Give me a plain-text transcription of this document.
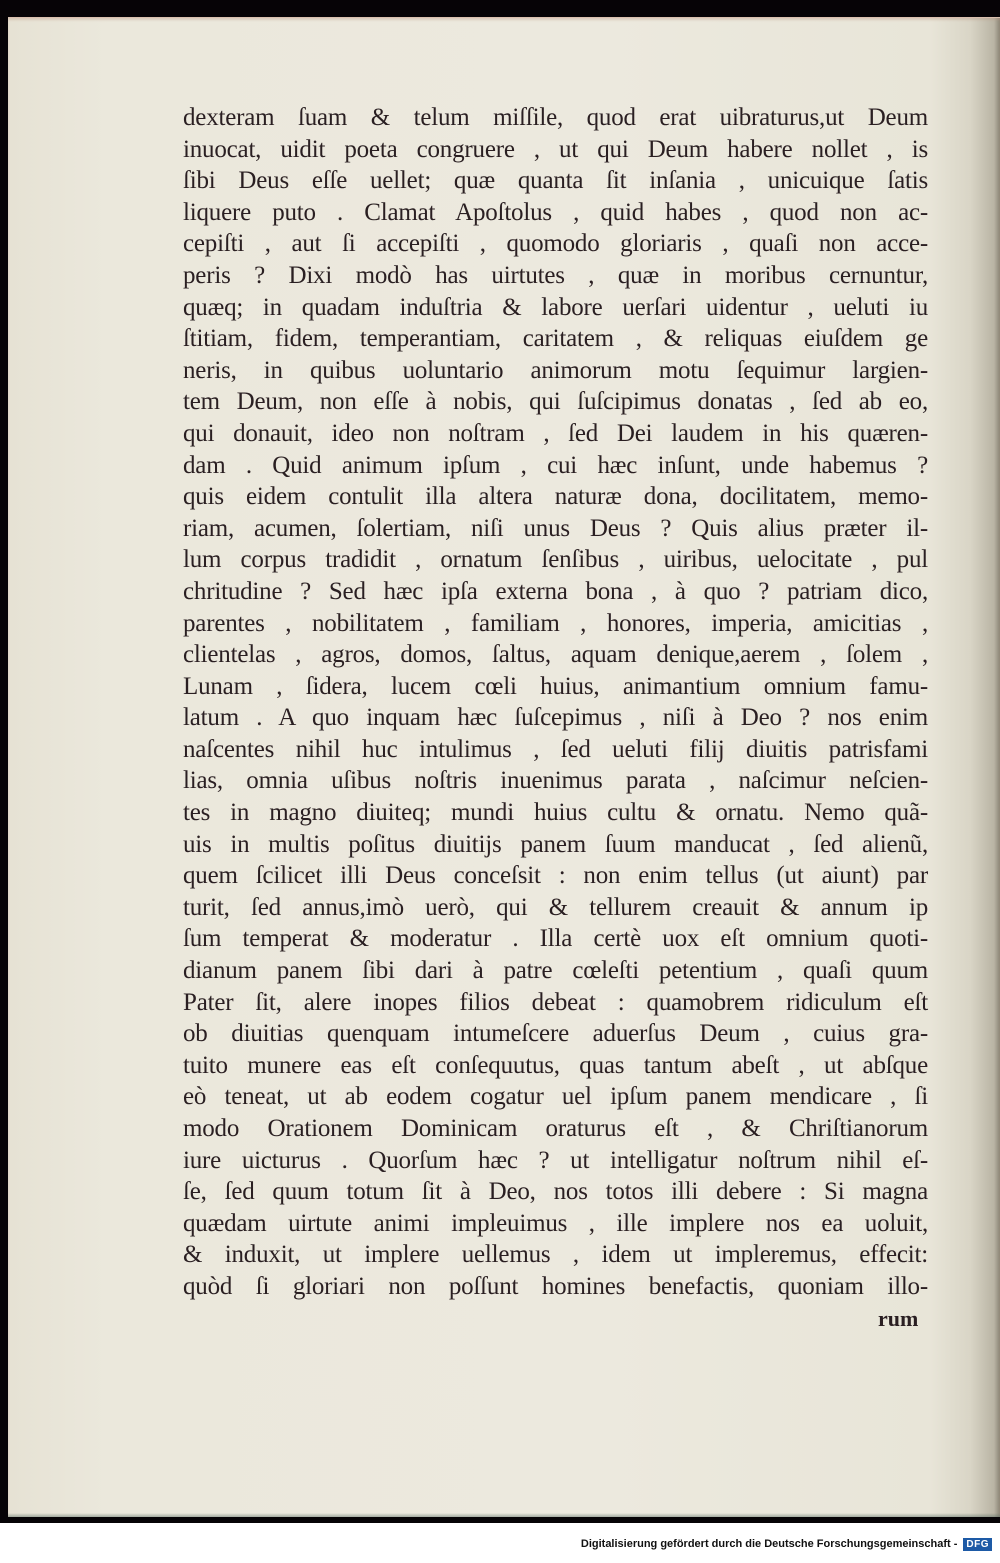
dexteram ſuam & telum miſſile, quod erat uibraturus,ut Deum
inuocat, uidit poeta congruere , ut qui Deum habere nollet , is
ſibi Deus eſſe uellet; quæ quanta ſit inſania , unicuique ſatis
liquere puto . Clamat Apoſtolus , quid habes , quod non ac-
cepiſti , aut ſi accepiſti , quomodo gloriaris , quaſi non acce-
peris ? Dixi modò has uirtutes , quæ in moribus cernuntur,
quæq; in quadam induſtria & labore uerſari uidentur , ueluti iu
ſtitiam, fidem, temperantiam, caritatem , & reliquas eiuſdem ge
neris, in quibus uoluntario animorum motu ſequimur largien-
tem Deum, non eſſe à nobis, qui ſuſcipimus donatas , ſed ab eo,
qui donauit, ideo non noſtram , ſed Dei laudem in his quæren-
dam . Quid animum ipſum , cui hæc inſunt, unde habemus ?
quis eidem contulit illa altera naturæ dona, docilitatem, memo-
riam, acumen, ſolertiam, niſi unus Deus ? Quis alius præter il-
lum corpus tradidit , ornatum ſenſibus , uiribus, uelocitate , pul
chritudine ? Sed hæc ipſa externa bona , à quo ? patriam dico,
parentes , nobilitatem , familiam , honores, imperia, amicitias ,
clientelas , agros, domos, ſaltus, aquam denique,aerem , ſolem ,
Lunam , ſidera, lucem cœli huius, animantium omnium famu-
latum . A quo inquam hæc ſuſcepimus , niſi à Deo ? nos enim
naſcentes nihil huc intulimus , ſed ueluti filij diuitis patrisfami
lias, omnia uſibus noſtris inuenimus parata , naſcimur neſcien-
tes in magno diuiteq; mundi huius cultu & ornatu. Nemo quã-
uis in multis poſitus diuitijs panem ſuum manducat , ſed alienũ,
quem ſcilicet illi Deus conceſsit : non enim tellus (ut aiunt) par
turit, ſed annus,imò uerò, qui & tellurem creauit & annum ip
ſum temperat & moderatur . Illa certè uox eſt omnium quoti-
dianum panem ſibi dari à patre cœleſti petentium , quaſi quum
Pater ſit, alere inopes filios debeat : quamobrem ridiculum eſt
ob diuitias quenquam intumeſcere aduerſus Deum , cuius gra-
tuito munere eas eſt conſequutus, quas tantum abeſt , ut abſque
eò teneat, ut ab eodem cogatur uel ipſum panem mendicare , ſi
modo Orationem Dominicam oraturus eſt , & Chriſtianorum
iure uicturus . Quorſum hæc ? ut intelligatur noſtrum nihil eſ-
ſe, ſed quum totum ſit à Deo, nos totos illi debere : Si magna
quædam uirtute animi impleuimus , ille implere nos ea uoluit,
& induxit, ut implere uellemus , idem ut impleremus, effecit:
quòd ſi gloriari non poſſunt homines benefactis, quoniam illo-
rum
Digitalisierung gefördert durch die Deutsche Forschungsgemeinschaft - DFG
